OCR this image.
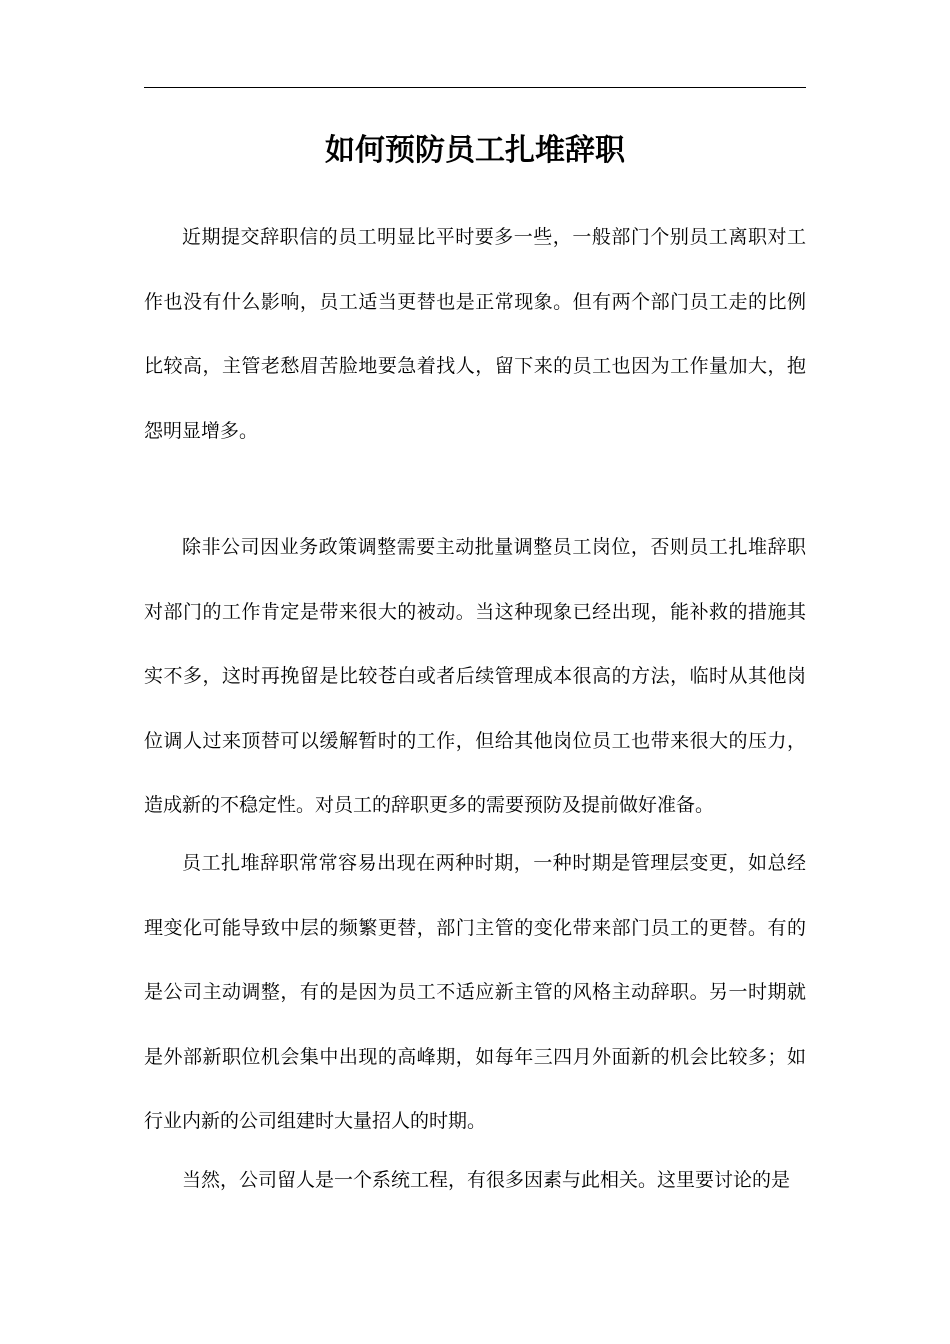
如何预防员工扎堆辞职

近期提交辞职信的员工明显比平时要多一些，一般部门个别员工离职对工作也没有什么影响，员工适当更替也是正常现象。但有两个部门员工走的比例比较高，主管老愁眉苦脸地要急着找人，留下来的员工也因为工作量加大，抱怨明显增多。

除非公司因业务政策调整需要主动批量调整员工岗位，否则员工扎堆辞职对部门的工作肯定是带来很大的被动。当这种现象已经出现，能补救的措施其实不多，这时再挽留是比较苍白或者后续管理成本很高的方法，临时从其他岗位调人过来顶替可以缓解暂时的工作，但给其他岗位员工也带来很大的压力，造成新的不稳定性。对员工的辞职更多的需要预防及提前做好准备。

员工扎堆辞职常常容易出现在两种时期，一种时期是管理层变更，如总经理变化可能导致中层的频繁更替，部门主管的变化带来部门员工的更替。有的是公司主动调整，有的是因为员工不适应新主管的风格主动辞职。另一时期就是外部新职位机会集中出现的高峰期，如每年三四月外面新的机会比较多；如行业内新的公司组建时大量招人的时期。

当然，公司留人是一个系统工程，有很多因素与此相关。这里要讨论的是
